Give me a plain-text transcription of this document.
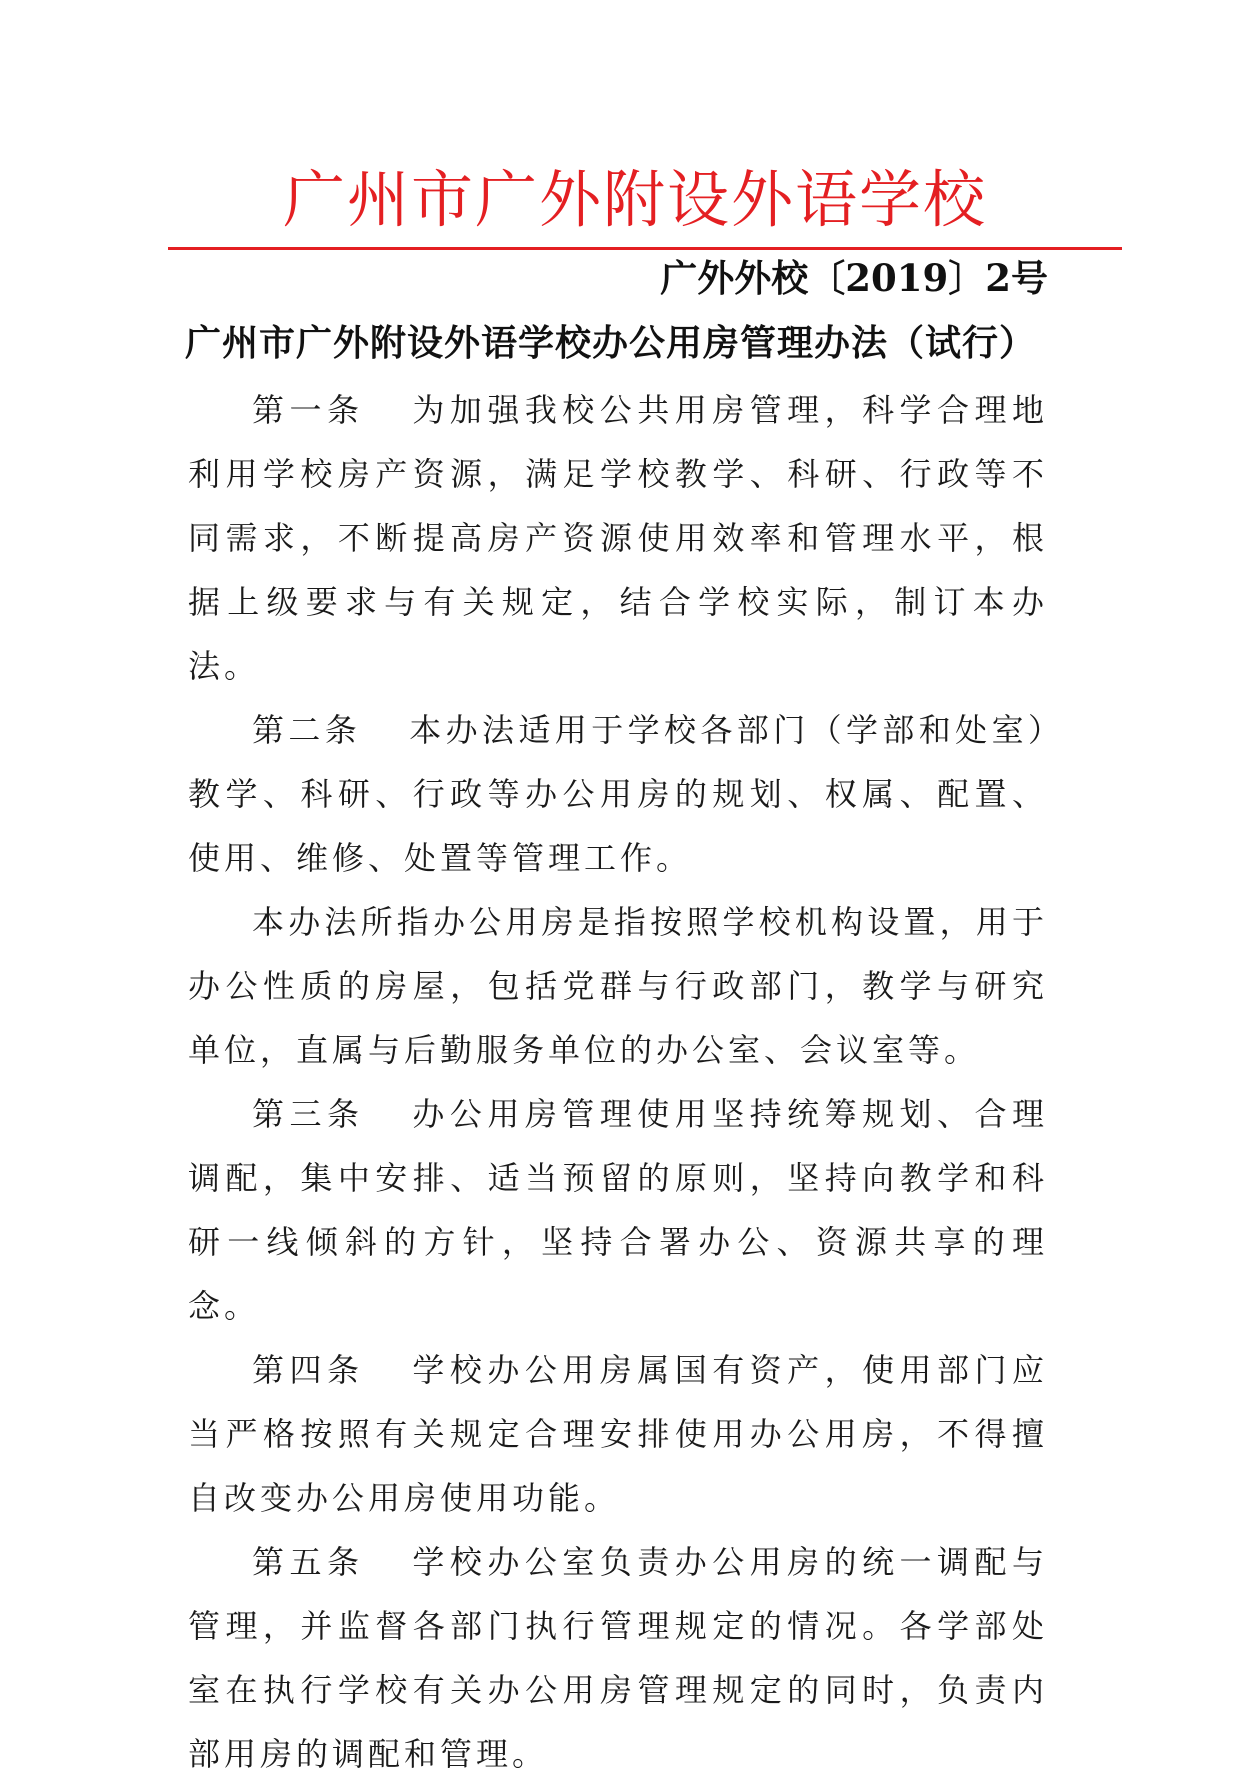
广州市广外附设外语学校
广外外校〔2019〕2号
广州市广外附设外语学校办公用房管理办法（试行）

第一条 为加强我校公共用房管理，科学合理地利用学校房产资源，满足学校教学、科研、行政等不同需求，不断提高房产资源使用效率和管理水平，根据上级要求与有关规定，结合学校实际，制订本办法。

第二条 本办法适用于学校各部门（学部和处室）教学、科研、行政等办公用房的规划、权属、配置、使用、维修、处置等管理工作。

本办法所指办公用房是指按照学校机构设置，用于办公性质的房屋，包括党群与行政部门，教学与研究单位，直属与后勤服务单位的办公室、会议室等。

第三条 办公用房管理使用坚持统筹规划、合理调配，集中安排、适当预留的原则，坚持向教学和科研一线倾斜的方针，坚持合署办公、资源共享的理念。

第四条 学校办公用房属国有资产，使用部门应当严格按照有关规定合理安排使用办公用房，不得擅自改变办公用房使用功能。

第五条 学校办公室负责办公用房的统一调配与管理，并监督各部门执行管理规定的情况。各学部处室在执行学校有关办公用房管理规定的同时，负责内部用房的调配和管理。
